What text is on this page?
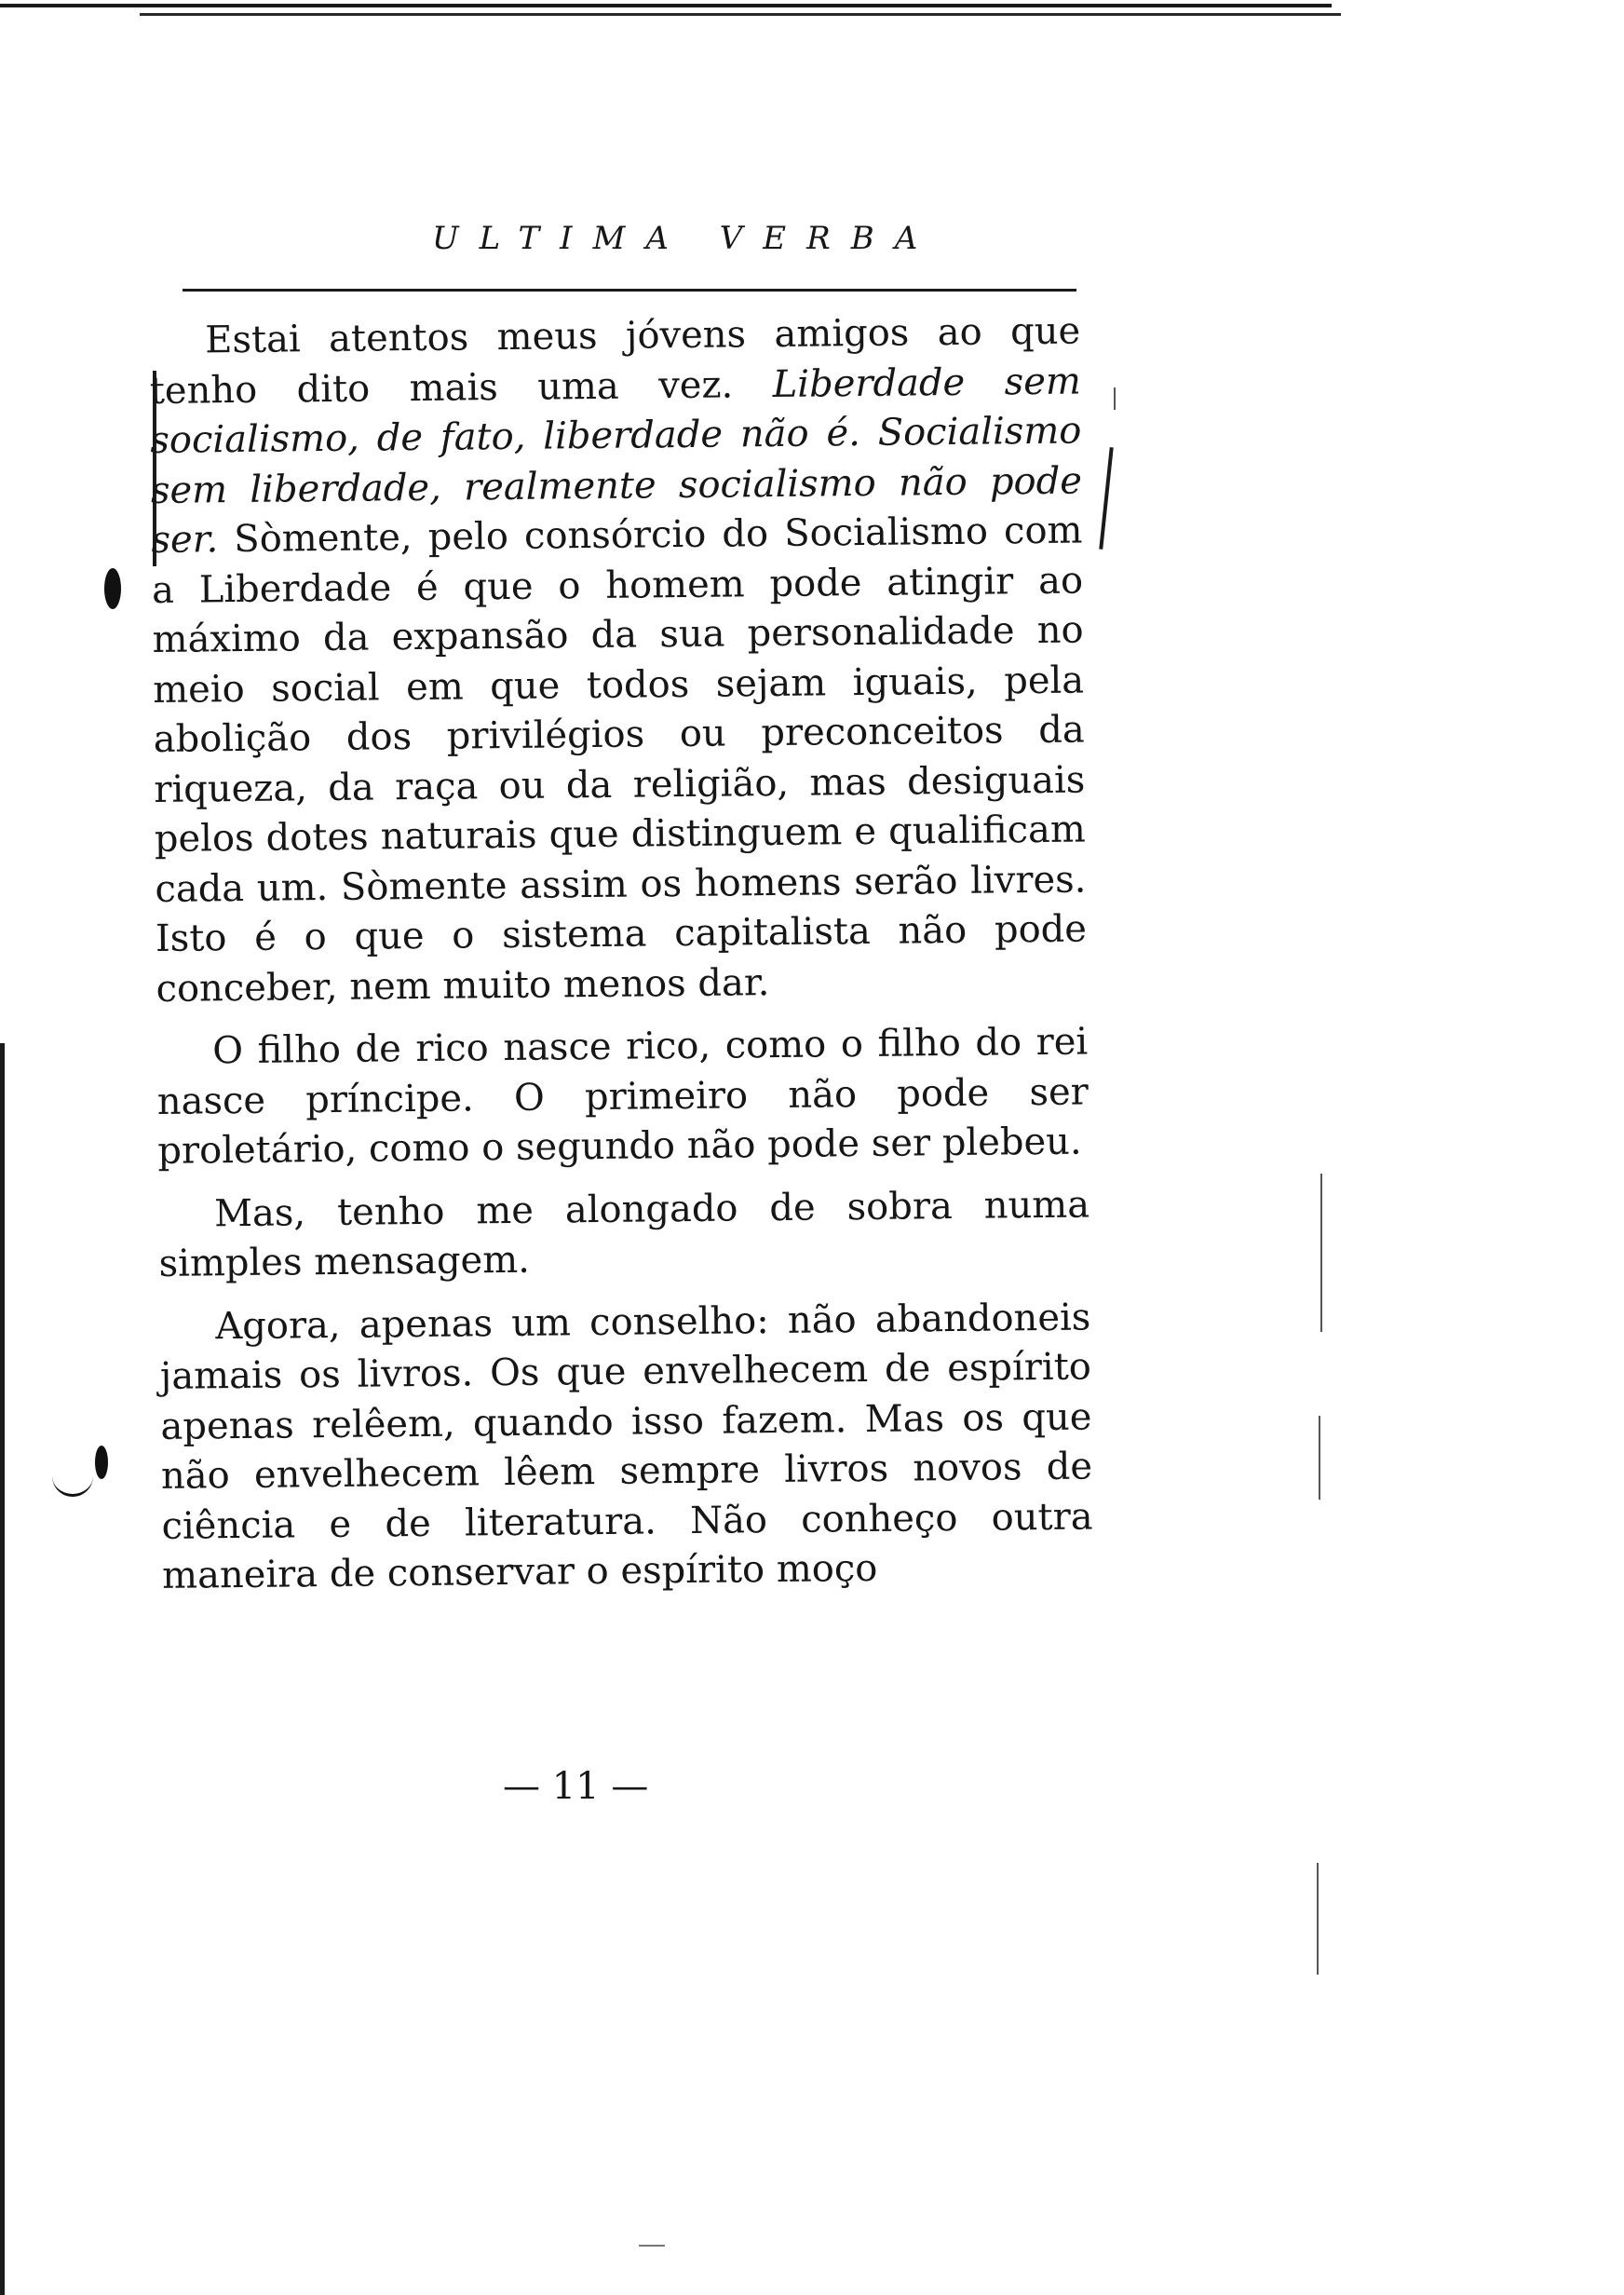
ULTIMA VERBA

Estai atentos meus jóvens amigos ao que tenho dito mais uma vez. Liberdade sem socialismo, de fato, liberdade não é. Socialismo sem liberdade, realmente socialismo não pode ser. Sòmente, pelo consórcio do Socialismo com a Liberdade é que o homem pode atingir ao máximo da expansão da sua personalidade no meio social em que todos sejam iguais, pela abolição dos privilégios ou preconceitos da riqueza, da raça ou da religião, mas desiguais pelos dotes naturais que distinguem e qualificam cada um. Sòmente assim os homens serão livres. Isto é o que o sistema capitalista não pode conceber, nem muito menos dar.

O filho de rico nasce rico, como o filho do rei nasce príncipe. O primeiro não pode ser proletário, como o segundo não pode ser plebeu.

Mas, tenho me alongado de sobra numa simples mensagem.

Agora, apenas um conselho: não abandoneis jamais os livros. Os que envelhecem de espírito apenas relêem, quando isso fazem. Mas os que não envelhecem lêem sempre livros novos de ciência e de literatura. Não conheço outra maneira de conservar o espírito moço

— 11 —
